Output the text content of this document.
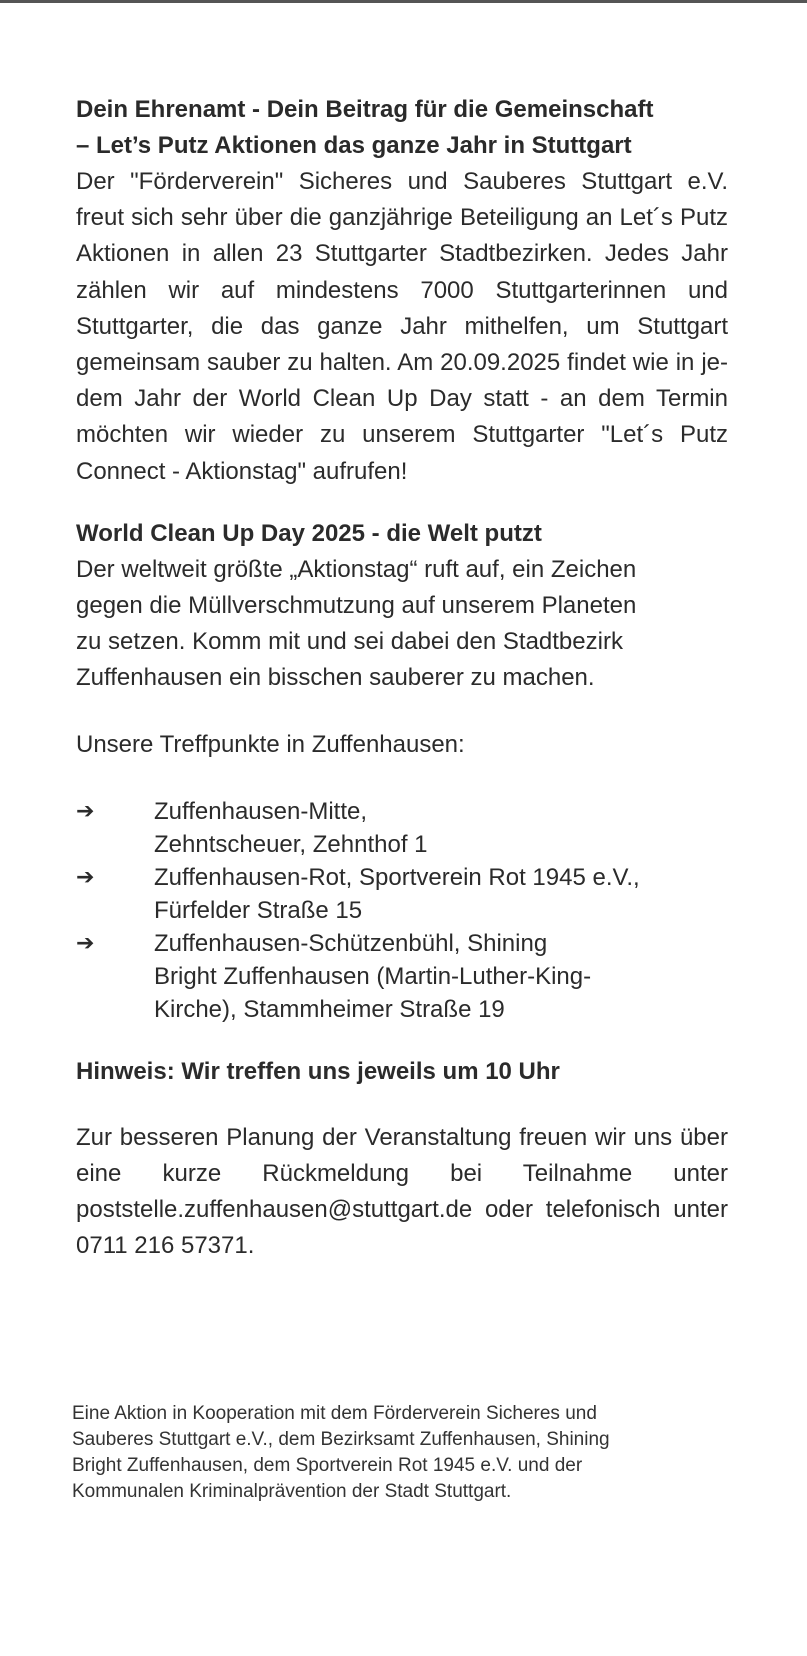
Dein Ehrenamt - Dein Beitrag für die Gemeinschaft
– Let’s Putz Aktionen das ganze Jahr in Stuttgart

Der "Förderverein" Sicheres und Sauberes Stuttgart e.V. freut sich sehr über die ganzjährige Beteiligung an Let´s Putz Aktionen in allen 23 Stuttgarter Stadtbezirken. Jedes Jahr zählen wir auf mindestens 7000 Stuttgarterinnen und Stuttgarter, die das ganze Jahr mithelfen, um Stuttgart gemeinsam sauber zu halten. Am 20.09.2025 findet wie in jedem Jahr der World Clean Up Day statt - an dem Termin möchten wir wieder zu unserem Stuttgarter "Let´s Putz Connect - Aktionstag" aufrufen!

World Clean Up Day 2025 - die Welt putzt

Der weltweit größte „Aktionstag“ ruft auf, ein Zeichen
gegen die Müllverschmutzung auf unserem Planeten
zu setzen. Komm mit und sei dabei den Stadtbezirk
Zuffenhausen ein bisschen sauberer zu machen.

Unsere Treffpunkte in Zuffenhausen:
➔	Zuffenhausen-Mitte,
Zehntscheuer, Zehnthof 1
➔	Zuffenhausen-Rot, Sportverein Rot 1945 e.V.,
Fürfelder Straße 15
➔	Zuffenhausen-Schützenbühl, Shining
Bright Zuffenhausen (Martin-Luther-King-
Kirche), Stammheimer Straße 19

Hinweis: Wir treffen uns jeweils um 10 Uhr

Zur besseren Planung der Veranstaltung freuen wir uns über eine kurze Rückmeldung bei Teilnahme unter poststelle.zuffenhausen@stuttgart.de oder telefonisch unter 0711 216 57371.

Eine Aktion in Kooperation mit dem Förderverein Sicheres und
Sauberes Stuttgart e.V., dem Bezirksamt Zuffenhausen, Shining
Bright Zuffenhausen, dem Sportverein Rot 1945 e.V. und der
Kommunalen Kriminalprävention der Stadt Stuttgart.
